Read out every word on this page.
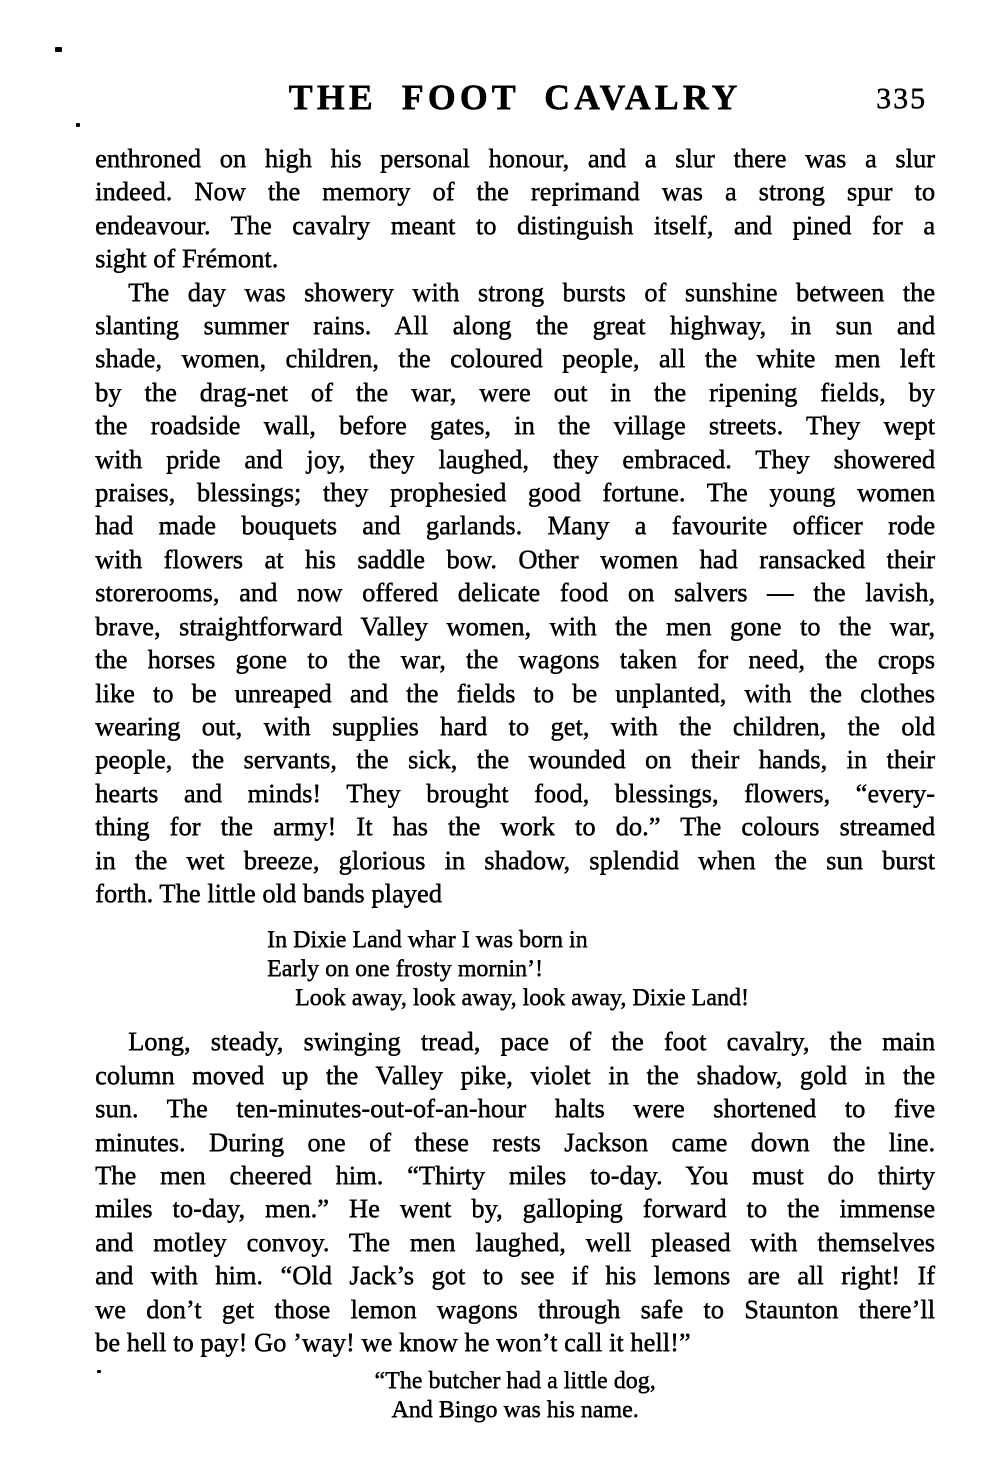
THE FOOT CAVALRY	335
enthroned on high his personal honour, and a slur there was a slur
indeed. Now the memory of the reprimand was a strong spur to
endeavour. The cavalry meant to distinguish itself, and pined for a
sight of Frémont.
The day was showery with strong bursts of sunshine between the
slanting summer rains. All along the great highway, in sun and
shade, women, children, the coloured people, all the white men left
by the drag-net of the war, were out in the ripening fields, by
the roadside wall, before gates, in the village streets. They wept
with pride and joy, they laughed, they embraced. They showered
praises, blessings; they prophesied good fortune. The young women
had made bouquets and garlands. Many a favourite officer rode
with flowers at his saddle bow. Other women had ransacked their
storerooms, and now offered delicate food on salvers — the lavish,
brave, straightforward Valley women, with the men gone to the war,
the horses gone to the war, the wagons taken for need, the crops
like to be unreaped and the fields to be unplanted, with the clothes
wearing out, with supplies hard to get, with the children, the old
people, the servants, the sick, the wounded on their hands, in their
hearts and minds! They brought food, blessings, flowers, “every-
thing for the army! It has the work to do.” The colours streamed
in the wet breeze, glorious in shadow, splendid when the sun burst
forth. The little old bands played
In Dixie Land whar I was born in
Early on one frosty mornin’!
Look away, look away, look away, Dixie Land!
Long, steady, swinging tread, pace of the foot cavalry, the main
column moved up the Valley pike, violet in the shadow, gold in the
sun. The ten-minutes-out-of-an-hour halts were shortened to five
minutes. During one of these rests Jackson came down the line.
The men cheered him. “Thirty miles to-day. You must do thirty
miles to-day, men.” He went by, galloping forward to the immense
and motley convoy. The men laughed, well pleased with themselves
and with him. “Old Jack’s got to see if his lemons are all right! If
we don’t get those lemon wagons through safe to Staunton there’ll
be hell to pay! Go ’way! we know he won’t call it hell!”
“The butcher had a little dog,
And Bingo was his name.
